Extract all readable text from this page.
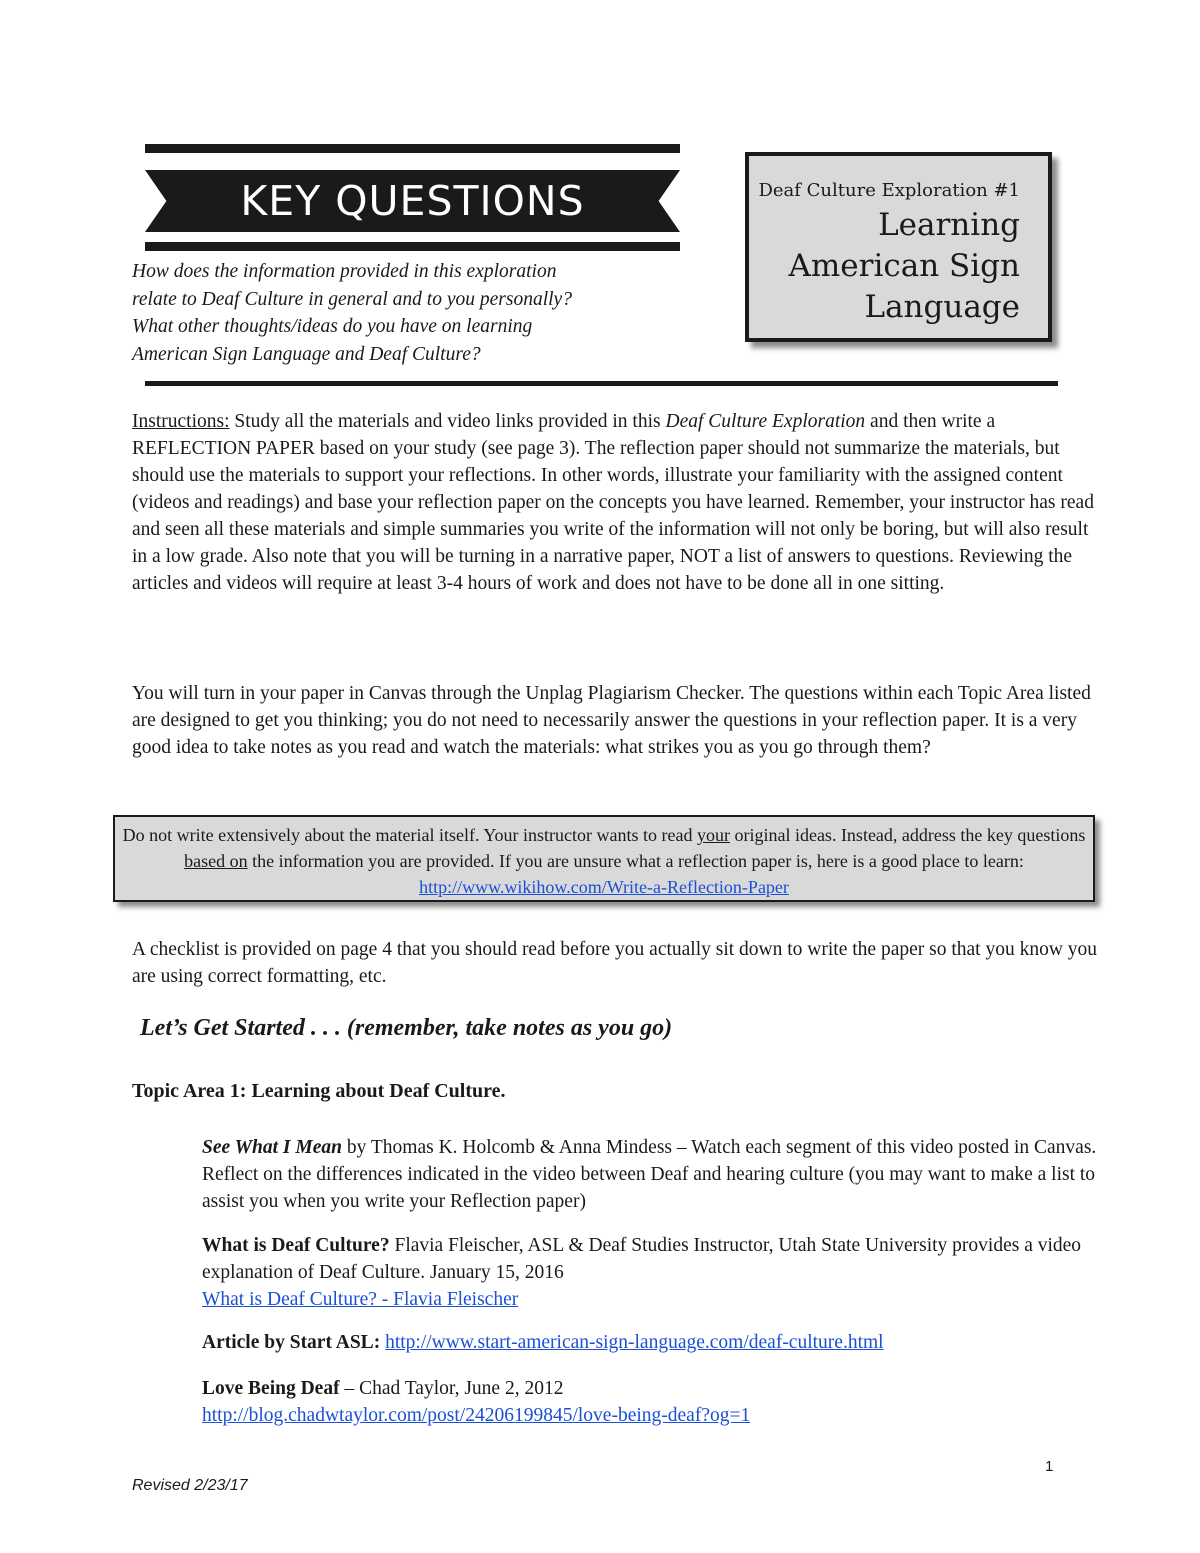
KEY QUESTIONS
How does the information provided in this exploration
relate to Deaf Culture in general and to you personally?
What other thoughts/ideas do you have on learning
American Sign Language and Deaf Culture?
Deaf Culture Exploration #1
Learning
American Sign
Language

Instructions: Study all the materials and video links provided in this Deaf Culture Exploration and then write a REFLECTION PAPER based on your study (see page 3). The reflection paper should not summarize the materials, but should use the materials to support your reflections. In other words, illustrate your familiarity with the assigned content (videos and readings) and base your reflection paper on the concepts you have learned. Remember, your instructor has read and seen all these materials and simple summaries you write of the information will not only be boring, but will also result in a low grade. Also note that you will be turning in a narrative paper, NOT a list of answers to questions. Reviewing the articles and videos will require at least 3-4 hours of work and does not have to be done all in one sitting.

You will turn in your paper in Canvas through the Unplag Plagiarism Checker. The questions within each Topic Area listed are designed to get you thinking; you do not need to necessarily answer the questions in your reflection paper. It is a very good idea to take notes as you read and watch the materials: what strikes you as you go through them?

Do not write extensively about the material itself. Your instructor wants to read your original ideas. Instead, address the key questions based on the information you are provided. If you are unsure what a reflection paper is, here is a good place to learn: http://www.wikihow.com/Write-a-Reflection-Paper

A checklist is provided on page 4 that you should read before you actually sit down to write the paper so that you know you are using correct formatting, etc.

Let’s Get Started . . . (remember, take notes as you go)
Topic Area 1: Learning about Deaf Culture.

See What I Mean by Thomas K. Holcomb & Anna Mindess – Watch each segment of this video posted in Canvas. Reflect on the differences indicated in the video between Deaf and hearing culture (you may want to make a list to assist you when you write your Reflection paper)

What is Deaf Culture? Flavia Fleischer, ASL & Deaf Studies Instructor, Utah State University provides a video explanation of Deaf Culture. January 15, 2016
What is Deaf Culture? - Flavia Fleischer

Article by Start ASL: http://www.start-american-sign-language.com/deaf-culture.html

Love Being Deaf – Chad Taylor, June 2, 2012
http://blog.chadwtaylor.com/post/24206199845/love-being-deaf?og=1

1
Revised 2/23/17
